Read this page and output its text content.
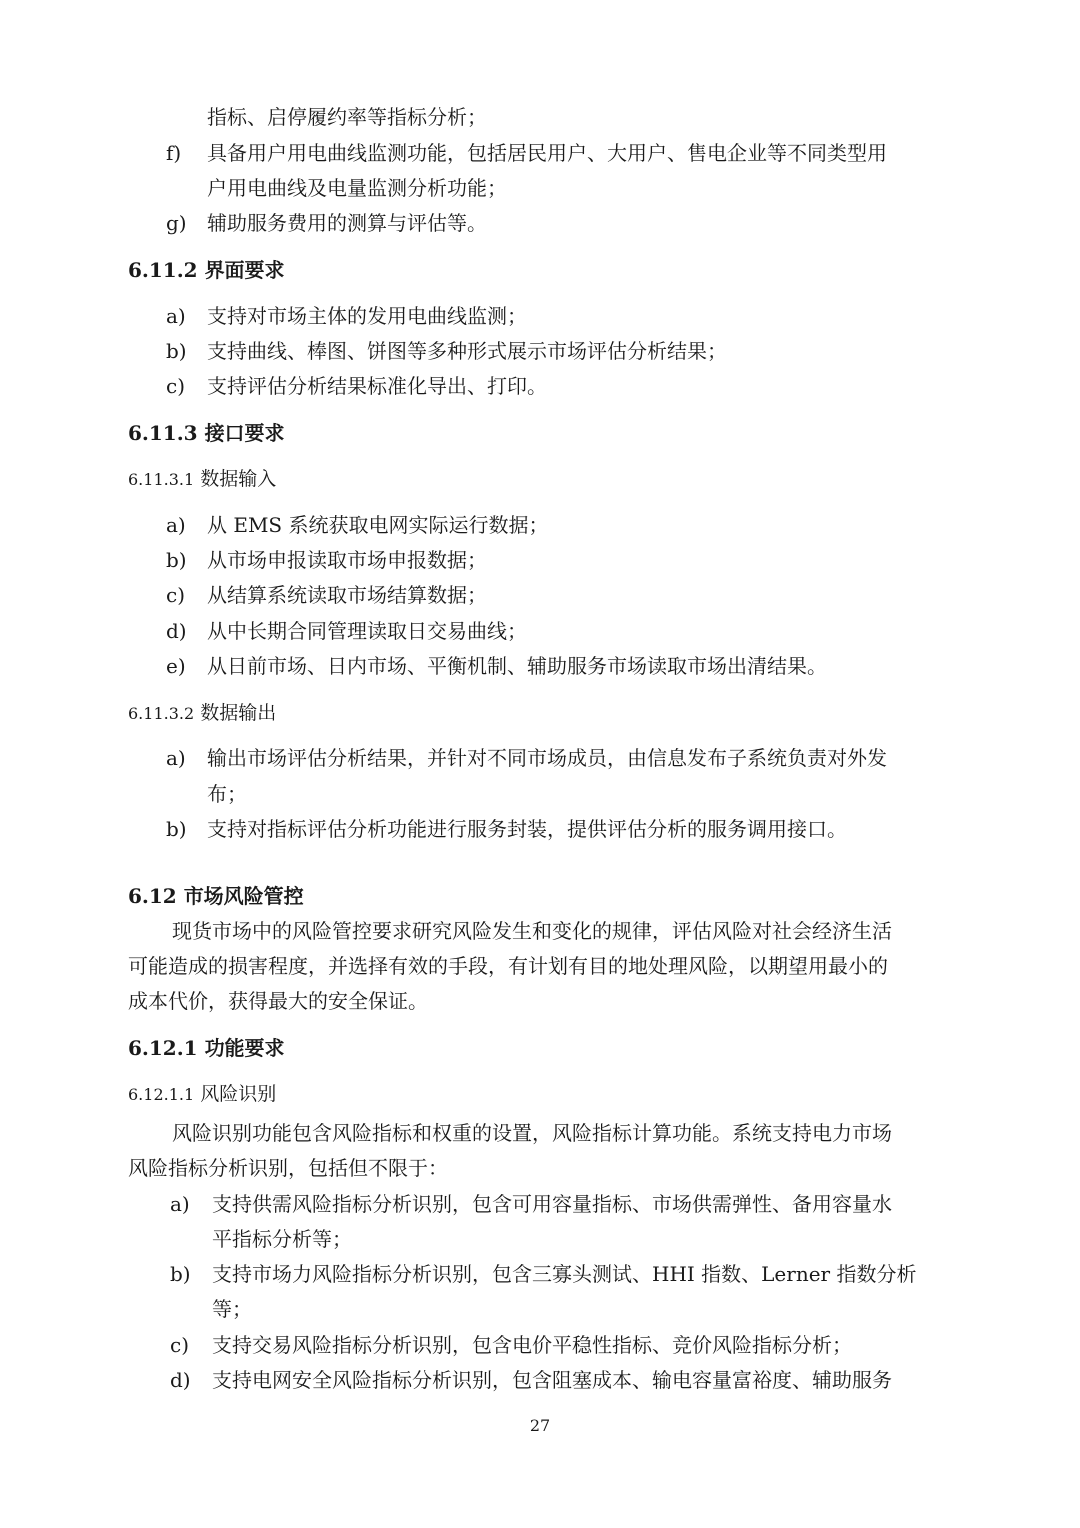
指标、启停履约率等指标分析；
f) 具备用户用电曲线监测功能，包括居民用户、大用户、售电企业等不同类型用
户用电曲线及电量监测分析功能；
g) 辅助服务费用的测算与评估等。
6.11.2 界面要求
a) 支持对市场主体的发用电曲线监测；
b) 支持曲线、棒图、饼图等多种形式展示市场评估分析结果；
c) 支持评估分析结果标准化导出、打印。
6.11.3 接口要求
6.11.3.1 数据输入
a) 从 EMS 系统获取电网实际运行数据；
b) 从市场申报读取市场申报数据；
c) 从结算系统读取市场结算数据；
d) 从中长期合同管理读取日交易曲线；
e) 从日前市场、日内市场、平衡机制、辅助服务市场读取市场出清结果。
6.11.3.2 数据输出
a) 输出市场评估分析结果，并针对不同市场成员，由信息发布子系统负责对外发
布；
b) 支持对指标评估分析功能进行服务封装，提供评估分析的服务调用接口。
6.12 市场风险管控
现货市场中的风险管控要求研究风险发生和变化的规律，评估风险对社会经济生活
可能造成的损害程度，并选择有效的手段，有计划有目的地处理风险，以期望用最小的
成本代价，获得最大的安全保证。
6.12.1 功能要求
6.12.1.1 风险识别
风险识别功能包含风险指标和权重的设置，风险指标计算功能。系统支持电力市场
风险指标分析识别，包括但不限于：
a) 支持供需风险指标分析识别，包含可用容量指标、市场供需弹性、备用容量水
平指标分析等；
b) 支持市场力风险指标分析识别，包含三寡头测试、HHI 指数、Lerner 指数分析
等；
c) 支持交易风险指标分析识别，包含电价平稳性指标、竞价风险指标分析；
d) 支持电网安全风险指标分析识别，包含阻塞成本、输电容量富裕度、辅助服务
27
